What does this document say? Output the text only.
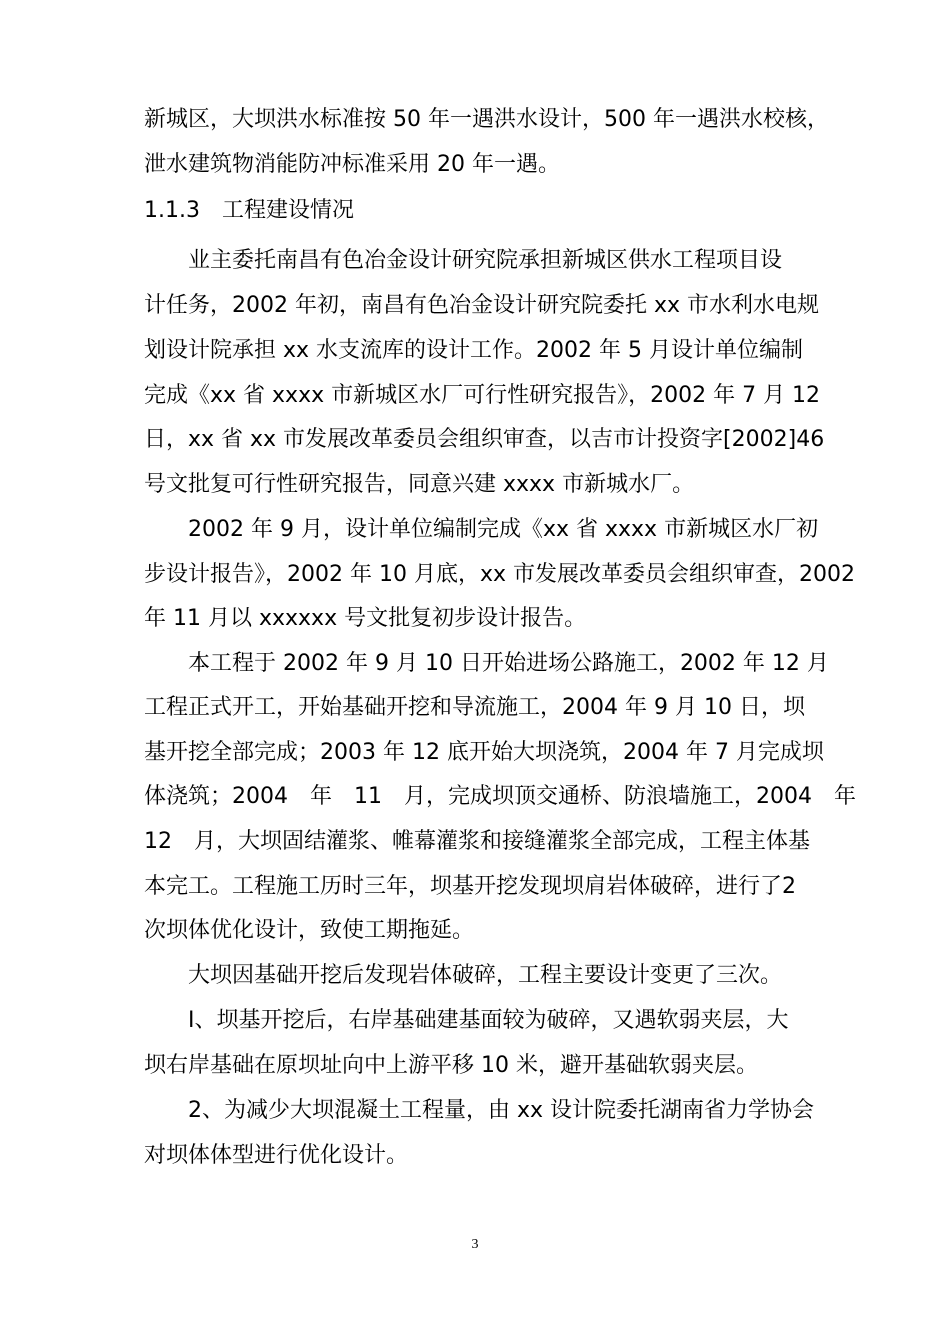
新城区，大坝洪水标准按 50 年一遇洪水设计，500 年一遇洪水校核，
泄水建筑物消能防冲标准采用 20 年一遇。
1.1.3　工程建设情况
业主委托南昌有色冶金设计研究院承担新城区供水工程项目设
计任务，2002 年初，南昌有色冶金设计研究院委托 xx 市水利水电规
划设计院承担 xx 水支流库的设计工作。2002 年 5 月设计单位编制
完成《xx 省 xxxx 市新城区水厂可行性研究报告》，2002 年 7 月 12
日，xx 省 xx 市发展改革委员会组织审查，以吉市计投资字[2002]46
号文批复可行性研究报告，同意兴建 xxxx 市新城水厂。
2002 年 9 月，设计单位编制完成《xx 省 xxxx 市新城区水厂初
步设计报告》，2002 年 10 月底，xx 市发展改革委员会组织审查，2002
年 11 月以 xxxxxx 号文批复初步设计报告。
本工程于 2002 年 9 月 10 日开始进场公路施工，2002 年 12 月
工程正式开工，开始基础开挖和导流施工，2004 年 9 月 10 日，坝
基开挖全部完成；2003 年 12 底开始大坝浇筑，2004 年 7 月完成坝
体浇筑；2004　年　11　月，完成坝顶交通桥、防浪墙施工，2004　年
12　月，大坝固结灌浆、帷幕灌浆和接缝灌浆全部完成，工程主体基
本完工。工程施工历时三年，坝基开挖发现坝肩岩体破碎，进行了2
次坝体优化设计，致使工期拖延。
大坝因基础开挖后发现岩体破碎，工程主要设计变更了三次。
Ⅰ、坝基开挖后，右岸基础建基面较为破碎，又遇软弱夹层，大
坝右岸基础在原坝址向中上游平移 10 米，避开基础软弱夹层。
2、为减少大坝混凝土工程量，由 xx 设计院委托湖南省力学协会
对坝体体型进行优化设计。
3
